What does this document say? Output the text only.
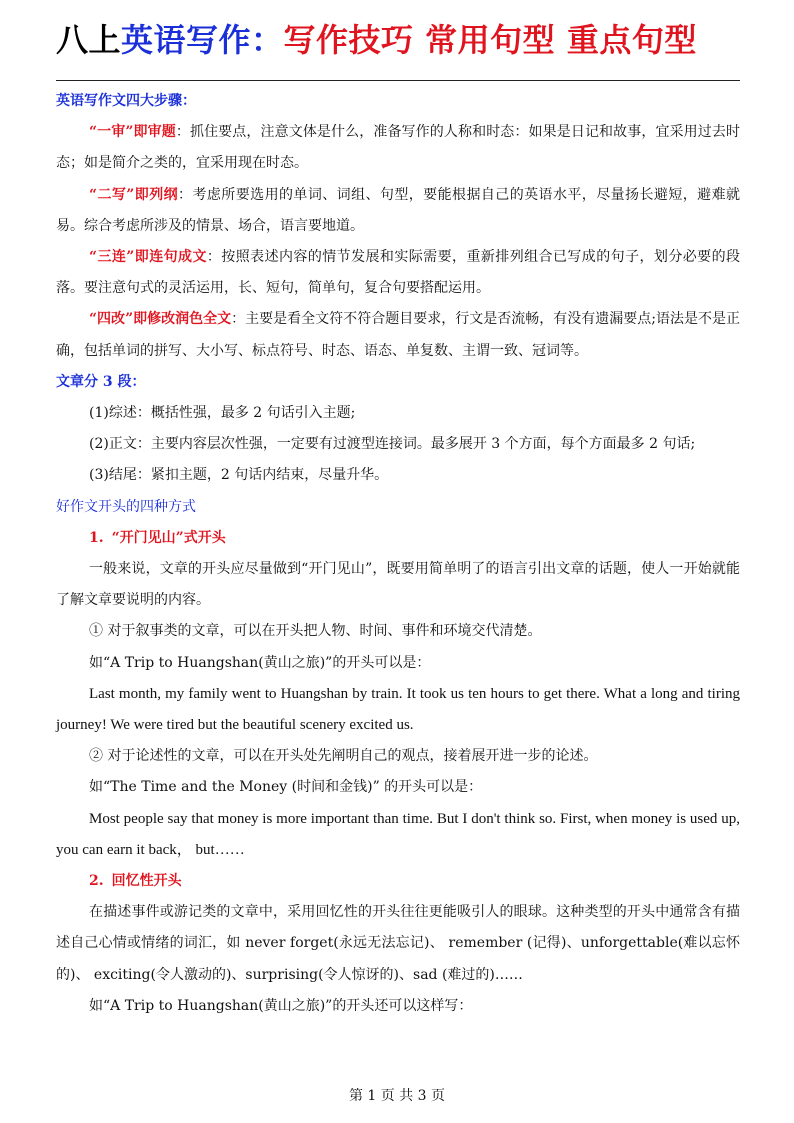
八上英语写作：写作技巧 常用句型 重点句型

英语写作文四大步骤：

“一审”即审题：抓住要点，注意文体是什么，准备写作的人称和时态：如果是日记和故事，宜采用过去时态；如是简介之类的，宜采用现在时态。

“二写”即列纲：考虑所要选用的单词、词组、句型，要能根据自己的英语水平，尽量扬长避短，避难就易。综合考虑所涉及的情景、场合，语言要地道。

“三连”即连句成文：按照表述内容的情节发展和实际需要，重新排列组合已写成的句子，划分必要的段落。要注意句式的灵活运用，长、短句，简单句，复合句要搭配运用。

“四改”即修改润色全文：主要是看全文符不符合题目要求，行文是否流畅，有没有遗漏要点;语法是不是正确，包括单词的拼写、大小写、标点符号、时态、语态、单复数、主谓一致、冠词等。

文章分 3 段：

(1)综述：概括性强，最多 2 句话引入主题;

(2)正文：主要内容层次性强，一定要有过渡型连接词。最多展开 3 个方面，每个方面最多 2 句话;

(3)结尾：紧扣主题，2 句话内结束，尽量升华。

好作文开头的四种方式

1. “开门见山”式开头

一般来说，文章的开头应尽量做到“开门见山”，既要用简单明了的语言引出文章的话题，使人一开始就能了解文章要说明的内容。

① 对于叙事类的文章，可以在开头把人物、时间、事件和环境交代清楚。

如“A Trip to Huangshan(黄山之旅)”的开头可以是：

Last month, my family went to Huangshan by train. It took us ten hours to get there. What a long and tiring journey! We were tired but the beautiful scenery excited us.

② 对于论述性的文章，可以在开头处先阐明自己的观点，接着展开进一步的论述。

如“The Time and the Money (时间和金钱)” 的开头可以是：

Most people say that money is more important than time. But I don't think so. First, when money is used up, you can earn it back， but……

2. 回忆性开头

在描述事件或游记类的文章中，采用回忆性的开头往往更能吸引人的眼球。这种类型的开头中通常含有描述自己心情或情绪的词汇，如 never forget(永远无法忘记)、 remember (记得)、unforgettable(难以忘怀的)、 exciting(令人激动的)、surprising(令人惊讶的)、sad (难过的)……

如“A Trip to Huangshan(黄山之旅)”的开头还可以这样写：

第 1 页 共 3 页
